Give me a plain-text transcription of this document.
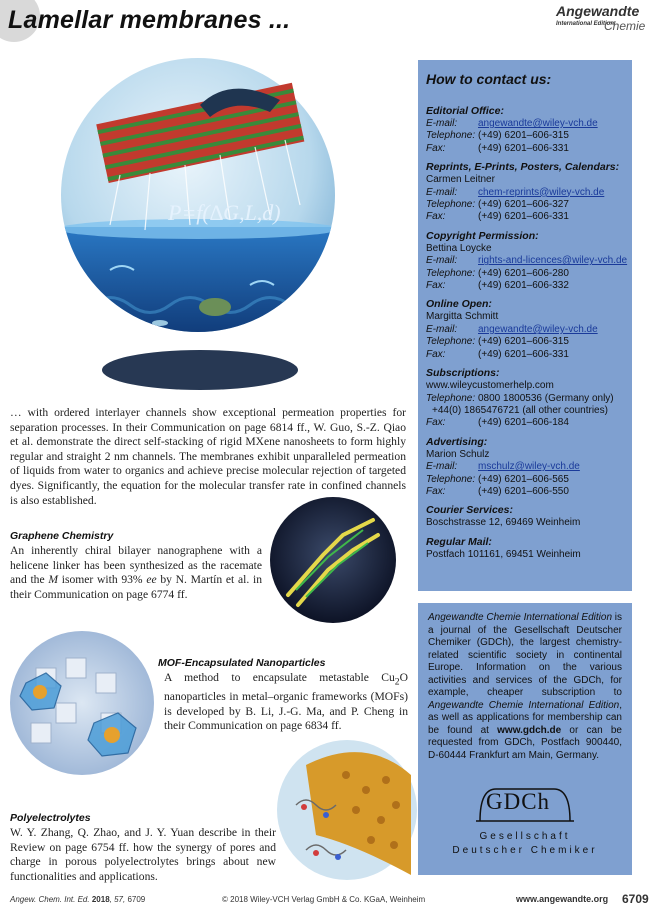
Lamellar membranes ...	Angewandte
International Edition
Chemie
P=f(∆G,L,d)
… with ordered interlayer channels show exceptional permeation properties for separation processes. In their Communication on page 6814 ff., W. Guo, S.-Z. Qiao et al. demonstrate the direct self-stacking of rigid MXene nanosheets to form highly regular and straight 2 nm channels. The membranes exhibit unparalleled permeation of liquids from water to organics and achieve precise molecular rejection of targeted dyes. Significantly, the equation for the molecular transfer rate in confined channels is also established.
Graphene Chemistry
An inherently chiral bilayer nanographene with a helicene linker has been synthesized as the racemate and the M isomer with 93% ee by N. Martín et al. in their Communication on page 6774 ff.
MOF-Encapsulated Nanoparticles
A method to encapsulate metastable $Cu_2O$ nanoparticles in metal–organic frameworks (MOFs) is developed by B. Li, J.-G. Ma, and P. Cheng in their Communication on page 6834 ff.
Polyelectrolytes
W. Y. Zhang, Q. Zhao, and J. Y. Yuan describe in their Review on page 6754 ff. how the synergy of pores and charge in porous polyelectrolytes brings about new functionalities and applications.
How to contact us:
Editorial Office:
E-mail:	angewandte@wiley-vch.de
Telephone: (+49) 6201–606-315
Fax:	(+49) 6201–606-331
Reprints, E-Prints, Posters, Calendars:
Carmen Leitner
E-mail:	chem-reprints@wiley-vch.de
Telephone: (+49) 6201–606-327
Fax:	(+49) 6201–606-331
Copyright Permission:
Bettina Loycke
E-mail:	rights-and-licences@wiley-vch.de
Telephone: (+49) 6201–606-280
Fax:	(+49) 6201–606-332
Online Open:
Margitta Schmitt
E-mail:	angewandte@wiley-vch.de
Telephone: (+49) 6201–606-315
Fax:	(+49) 6201–606-331
Subscriptions:
www.wileycustomerhelp.com
Telephone: 0800 1800536 (Germany only)
+44(0) 1865476721 (all other countries)
Fax:	(+49) 6201–606-184
Advertising:
Marion Schulz
E-mail:	mschulz@wiley-vch.de
Telephone: (+49) 6201–606-565
Fax:	(+49) 6201–606-550
Courier Services:
Boschstrasse 12, 69469 Weinheim
Regular Mail:
Postfach 101161, 69451 Weinheim
Angewandte Chemie International Edition is a journal of the Gesellschaft Deutscher Chemiker (GDCh), the largest chemistry-related scientific society in continental Europe. Information on the various activities and services of the GDCh, for example, cheaper subscription to Angewandte Chemie International Edition, as well as applications for membership can be found at www.gdch.de or can be requested from GDCh, Postfach 900440, D-60444 Frankfurt am Main, Germany.
GDCh
Gesellschaft
Deutscher Chemiker
Angew. Chem. Int. Ed. 2018, 57, 6709	© 2018 Wiley-VCH Verlag GmbH & Co. KGaA, Weinheim	www.angewandte.org 6709
